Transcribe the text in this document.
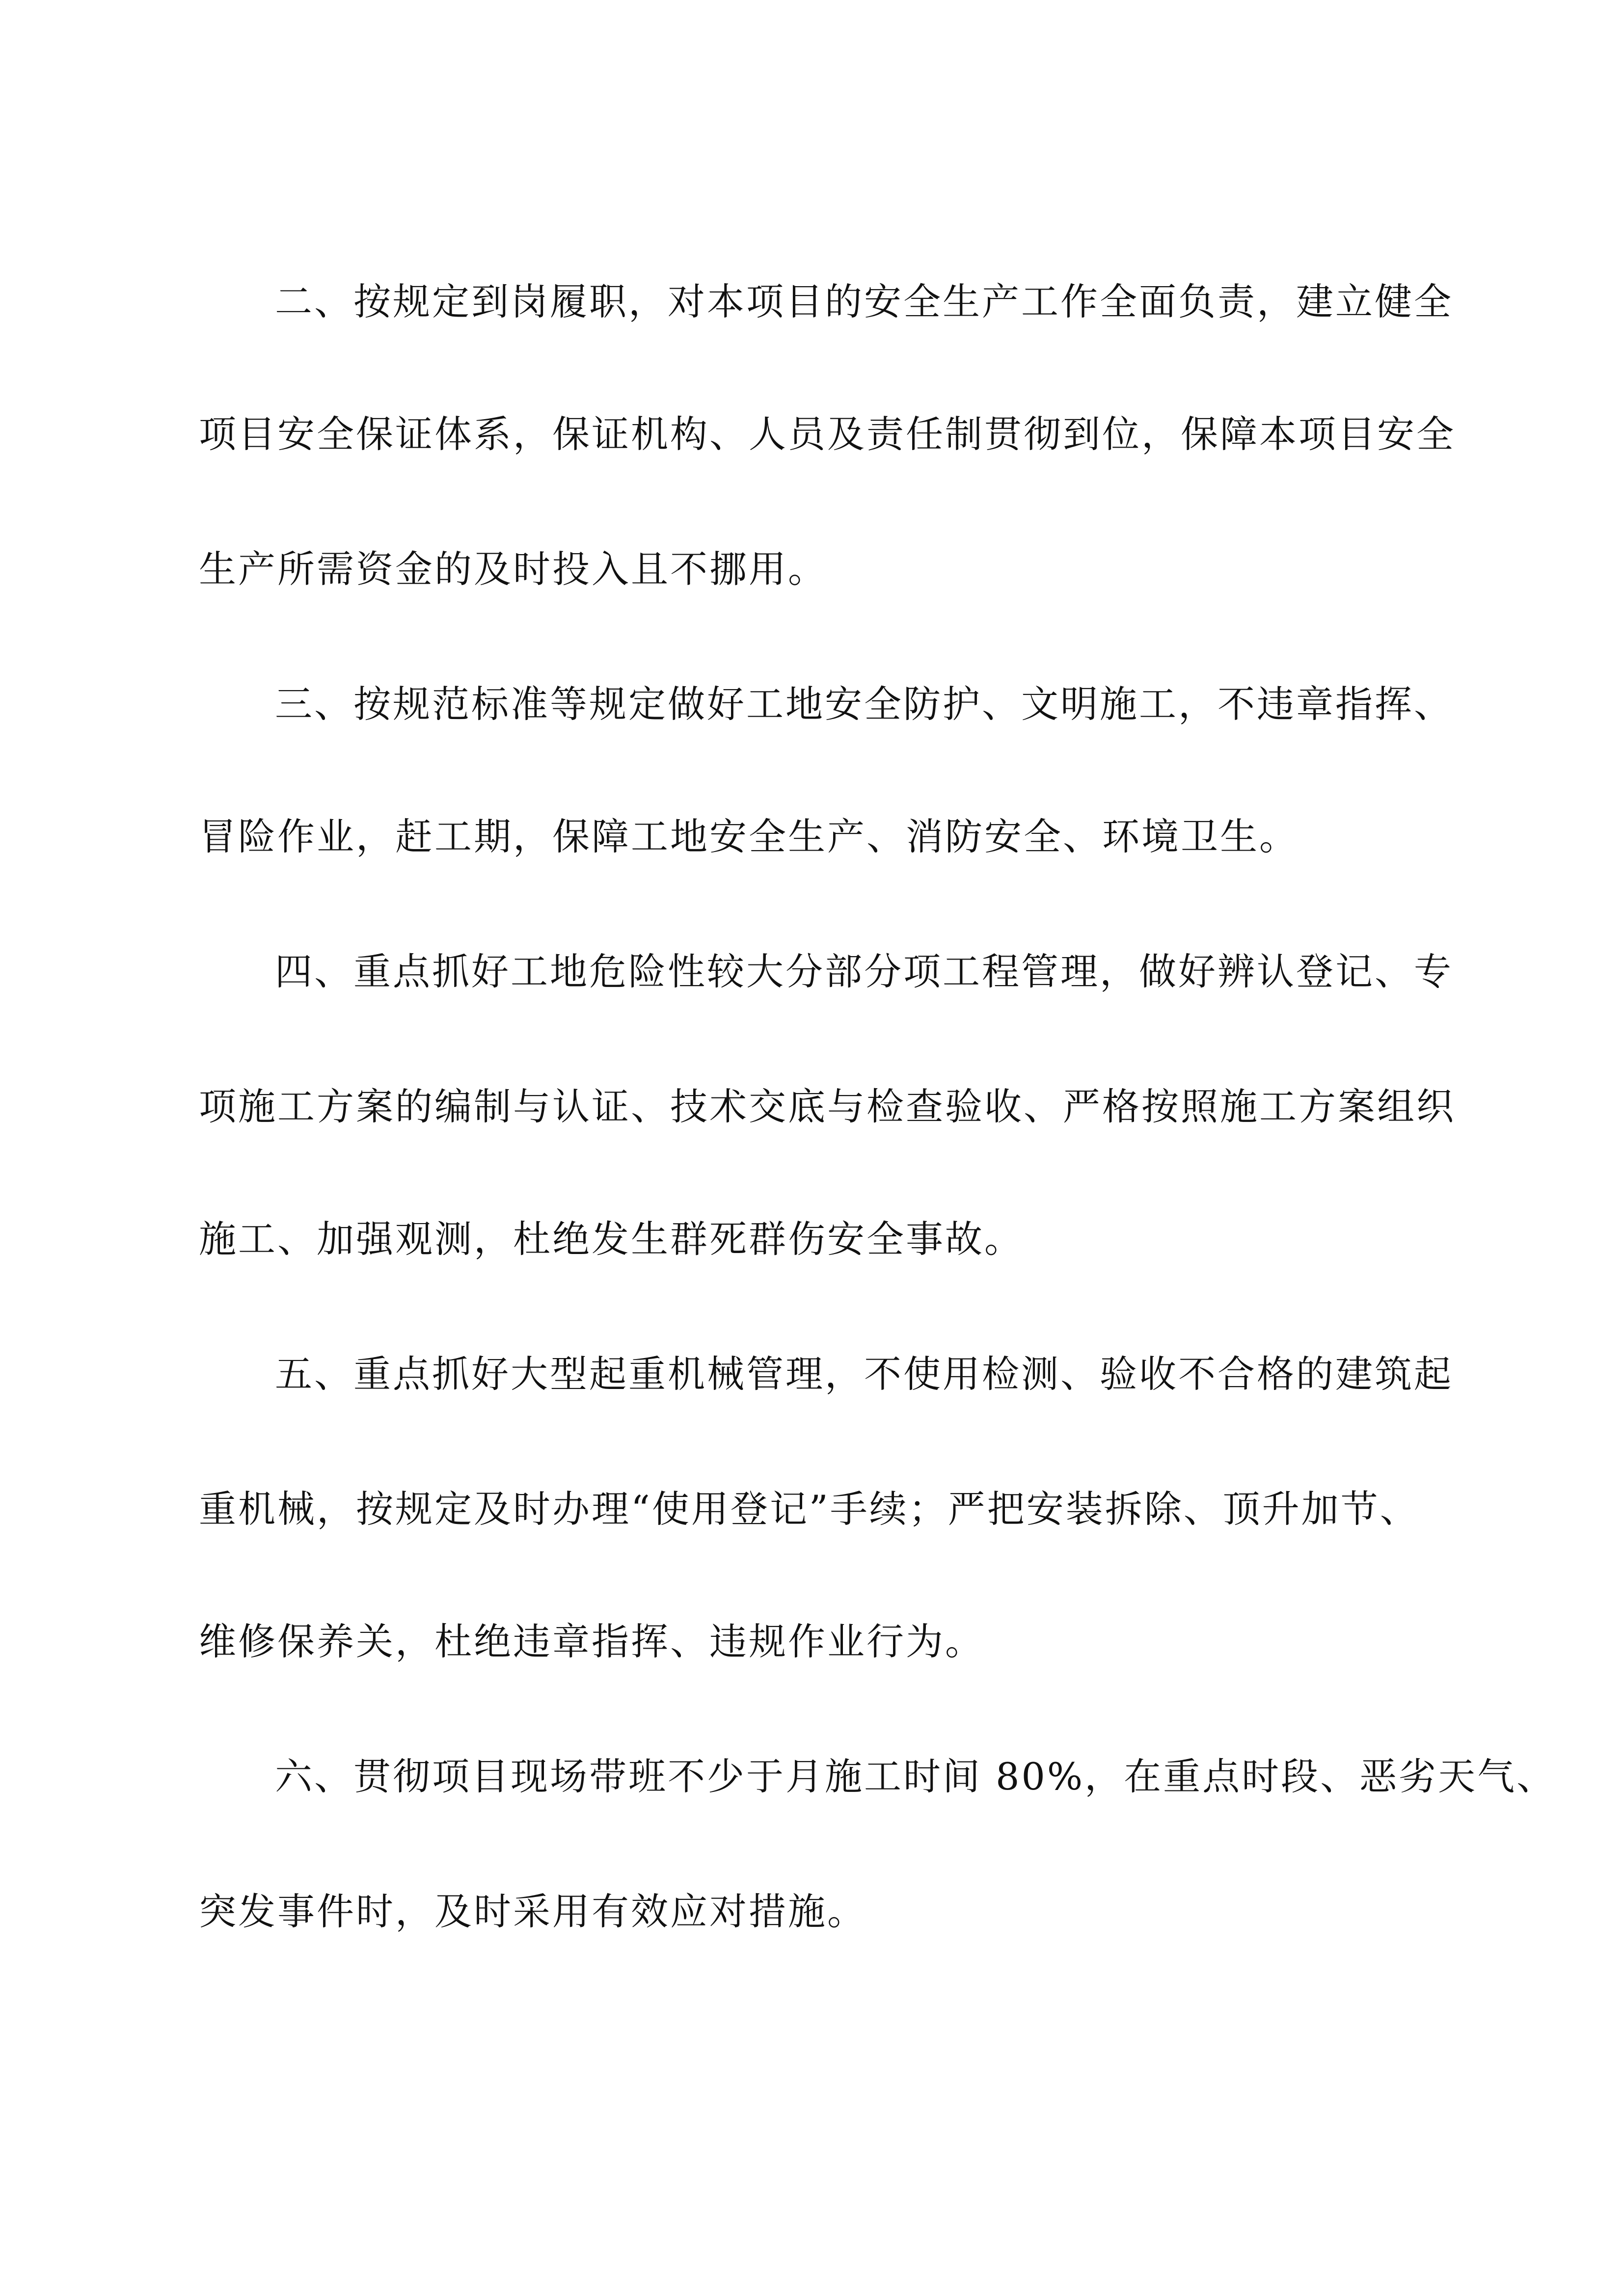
二、按规定到岗履职，对本项目的安全生产工作全面负责，建立健全
项目安全保证体系，保证机构、人员及责任制贯彻到位，保障本项目安全
生产所需资金的及时投入且不挪用。
三、按规范标准等规定做好工地安全防护、文明施工，不违章指挥、
冒险作业，赶工期，保障工地安全生产、消防安全、环境卫生。
四、重点抓好工地危险性较大分部分项工程管理，做好辨认登记、专
项施工方案的编制与认证、技术交底与检查验收、严格按照施工方案组织
施工、加强观测，杜绝发生群死群伤安全事故。
五、重点抓好大型起重机械管理，不使用检测、验收不合格的建筑起
重机械，按规定及时办理“使用登记”手续；严把安装拆除、顶升加节、
维修保养关，杜绝违章指挥、违规作业行为。
六、贯彻项目现场带班不少于月施工时间 80%，在重点时段、恶劣天气、
突发事件时，及时采用有效应对措施。
